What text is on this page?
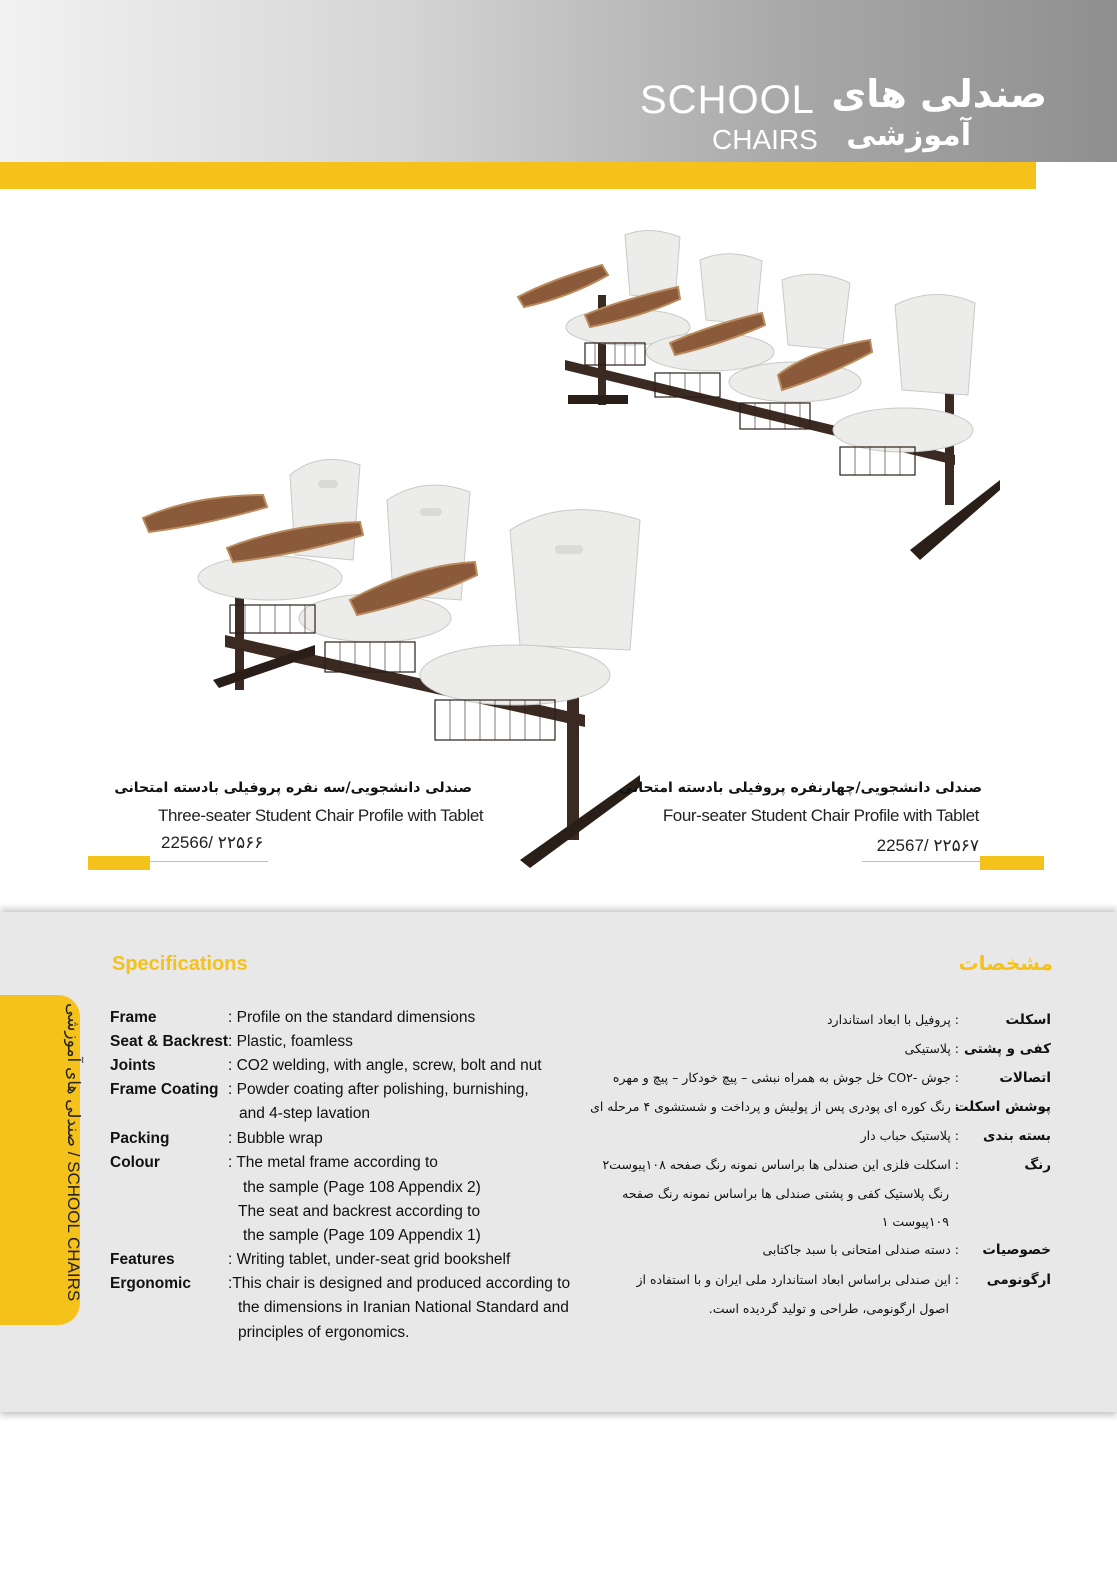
SCHOOL
CHAIRS
صندلی های
آموزشی
صندلی دانشجویی/سه نفره پروفیلی بادسته امتحانی
Three-seater Student Chair Profile with Tablet
22566/ ۲۲۵۶۶
صندلی دانشجویی/چهارنفره پروفیلی بادسته امتحانی
Four-seater Student Chair Profile with Tablet
22567/ ۲۲۵۶۷
صندلی های آموزشی / SCHOOL CHAIRS
Specifications	مشخصات
Frame	: Profile on the standard dimensions
Seat & Backrest: Plastic, foamless
Joints	: CO2 welding, with angle, screw, bolt and nut
Frame Coating : Powder coating after polishing, burnishing,
and 4-step lavation
Packing	: Bubble wrap
Colour	: The metal frame according to
the sample (Page 108 Appendix 2)
The seat and backrest according to
the sample (Page 109 Appendix 1)
Features	: Writing tablet, under-seat grid bookshelf
Ergonomic :This chair is designed and produced according to
the dimensions in Iranian National Standard and
principles of ergonomics.
اسکلت: پروفیل با ابعاد استاندارد
کفی و پشتی: پلاستیکی
اتصالات: جوش -CO۲ خل جوش به همراه نبشی – پیچ خودکار – پیچ و مهره
پوشش اسکلت: رنگ کوره ای پودری پس از پولیش و پرداخت و شستشوی ۴ مرحله ای
بسته بندی: پلاستیک حباب دار
رنگ: اسکلت فلزی این صندلی ها براساس نمونه رنگ صفحه ۱۰۸پیوست۲
رنگ پلاستیک کفی و پشتی صندلی ها براساس نمونه رنگ صفحه
۱۰۹پیوست ۱
خصوصیات: دسته صندلی امتحانی با سبد جاکتابی
ارگونومی: این صندلی براساس ابعاد استاندارد ملی ایران و با استفاده از
اصول ارگونومی، طراحی و تولید گردیده است.
